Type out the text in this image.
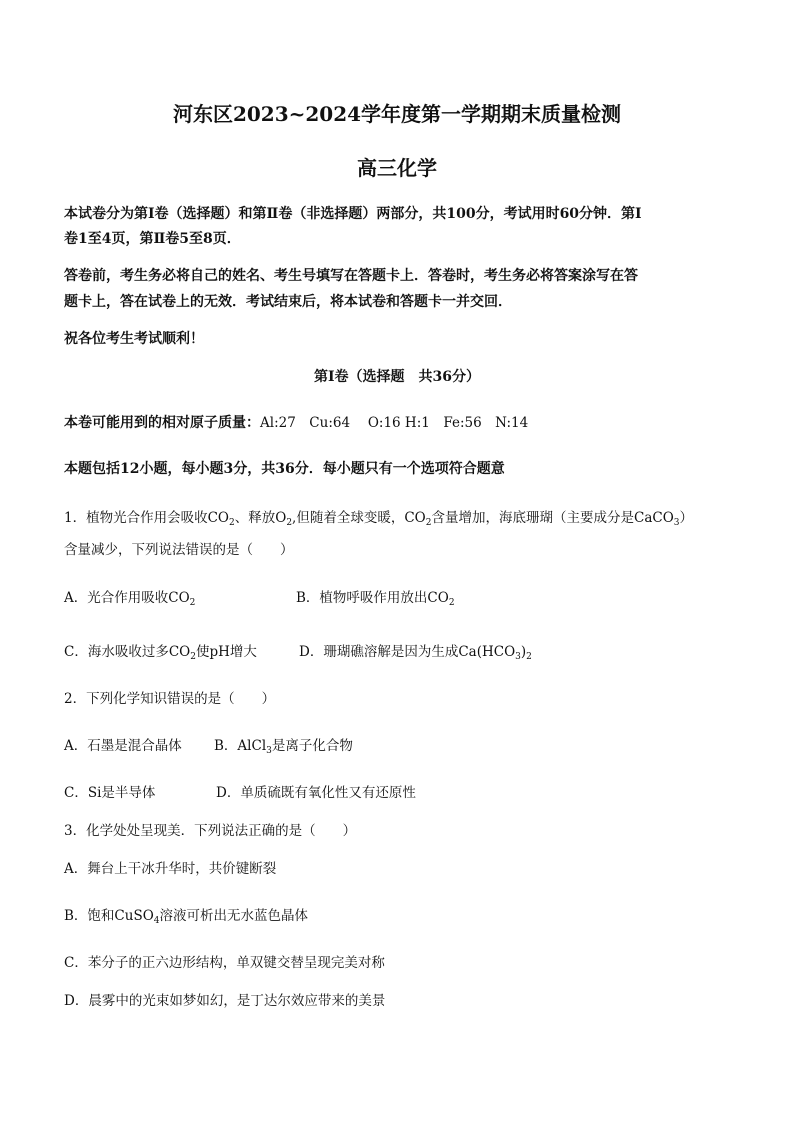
河东区2023~2024学年度第一学期期末质量检测
高三化学
本试卷分为第Ⅰ卷（选择题）和第Ⅱ卷（非选择题）两部分，共100分，考试用时60分钟．第Ⅰ
卷1至4页，第Ⅱ卷5至8页．
答卷前，考生务必将自己的姓名、考生号填写在答题卡上．答卷时，考生务必将答案涂写在答
题卡上，答在试卷上的无效．考试结束后，将本试卷和答题卡一并交回．
祝各位考生考试顺利！
第Ⅰ卷（选择题　共36分）
本卷可能用到的相对原子质量：Al:27　Cu:64　 O:16 H:1　Fe:56　N:14
本题包括12小题，每小题3分，共36分．每小题只有一个选项符合题意
1．植物光合作用会吸收$CO_2$、释放$O_2$,但随着全球变暖，$CO_2$含量增加，海底珊瑚（主要成分是CaCO$_3$）
含量减少，下列说法错误的是（　　）
A．光合作用吸收$CO_2$	B．植物呼吸作用放出$CO_2$
C．海水吸收过多$CO_2$使pH增大	D．珊瑚礁溶解是因为生成$Ca(HCO_3)_2$
2．下列化学知识错误的是（　　）
A．石墨是混合晶体 B．AlCl$_3$是离子化合物
C．Si是半导体	D．单质硫既有氧化性又有还原性
3．化学处处呈现美．下列说法正确的是（　　）
A．舞台上干冰升华时，共价键断裂
B．饱和CuSO$_4$溶液可析出无水蓝色晶体
C．苯分子的正六边形结构，单双键交替呈现完美对称
D．晨雾中的光束如梦如幻，是丁达尔效应带来的美景
